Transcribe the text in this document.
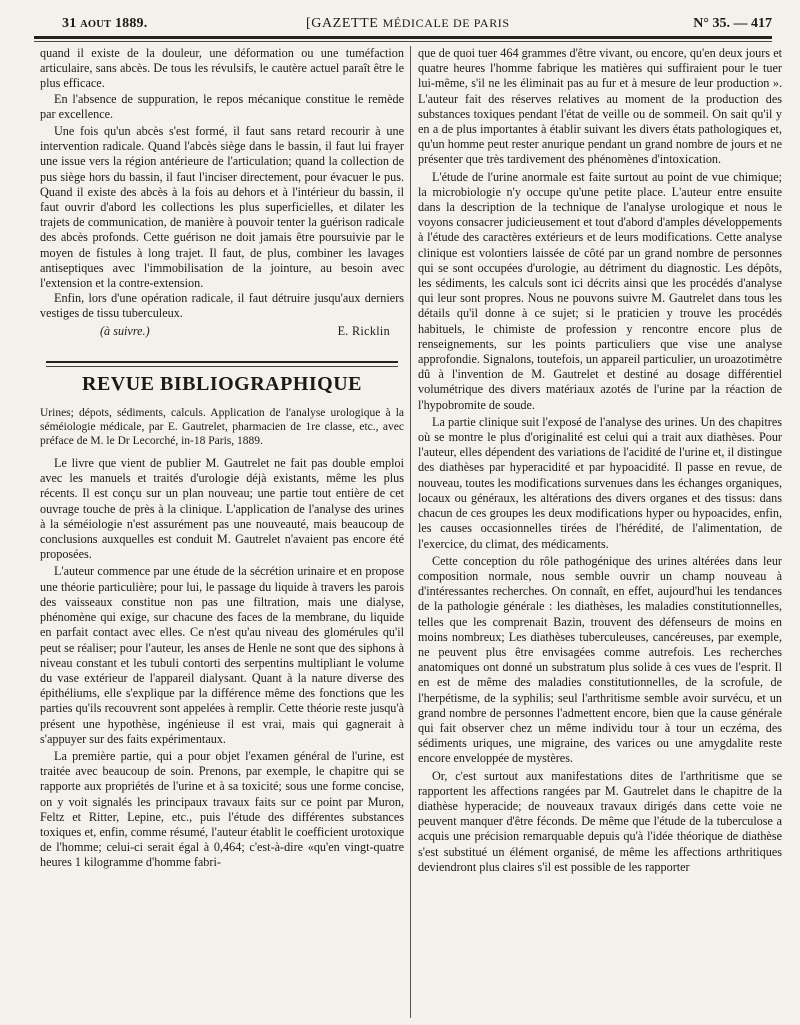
31 AOUT 1889.	[GAZETTE MÉDICALE DE PARIS	N° 35. — 417

quand il existe de la douleur, une déformation ou une tuméfaction articulaire, sans abcès. De tous les révulsifs, le cautère actuel paraît être le plus efficace.

En l'absence de suppuration, le repos mécanique constitue le remède par excellence.

Une fois qu'un abcès s'est formé, il faut sans retard recourir à une intervention radicale. Quand l'abcès siège dans le bassin, il faut lui frayer une issue vers la région antérieure de l'articulation; quand la collection de pus siège hors du bassin, il faut l'inciser directement, pour évacuer le pus. Quand il existe des abcès à la fois au dehors et à l'intérieur du bassin, il faut ouvrir d'abord les collections les plus superficielles, et dilater les trajets de communication, de manière à pouvoir tenter la guérison radicale des abcès profonds. Cette guérison ne doit jamais être poursuivie par le moyen de fistules à long trajet. Il faut, de plus, combiner les lavages antiseptiques avec l'immobilisation de la jointure, au besoin avec l'extension et la contre-extension.

Enfin, lors d'une opération radicale, il faut détruire jusqu'aux derniers vestiges de tissu tuberculeux.

(à suivre.)	E. Ricklin

REVUE BIBLIOGRAPHIQUE

Urines; dépots, sédiments, calculs. Application de l'analyse urologique à la séméiologie médicale, par E. Gautrelet, pharmacien de 1re classe, etc., avec préface de M. le Dr Lecorché, in-18 Paris, 1889.

Le livre que vient de publier M. Gautrelet ne fait pas double emploi avec les manuels et traités d'urologie déjà existants, même les plus récents. Il est conçu sur un plan nouveau; une partie tout entière de cet ouvrage touche de près à la clinique. L'application de l'analyse des urines à la séméiologie n'est assurément pas une nouveauté, mais beaucoup de conclusions auxquelles est conduit M. Gautrelet n'avaient pas encore été proposées.

L'auteur commence par une étude de la sécrétion urinaire et en propose une théorie particulière; pour lui, le passage du liquide à travers les parois des vaisseaux constitue non pas une filtration, mais une dialyse, phénomène qui exige, sur chacune des faces de la membrane, du liquide en parfait contact avec elles. Ce n'est qu'au niveau des glomérules qu'il peut se réaliser; pour l'auteur, les anses de Henle ne sont que des siphons à niveau constant et les tubuli contorti des serpentins multipliant le volume du vase extérieur de l'appareil dialysant. Quant à la nature diverse des épithéliums, elle s'explique par la différence même des fonctions que les parties qu'ils recouvrent sont appelées à remplir. Cette théorie reste jusqu'à présent une hypothèse, ingénieuse il est vrai, mais qui gagnerait à s'appuyer sur des faits expérimentaux.

La première partie, qui a pour objet l'examen général de l'urine, est traitée avec beaucoup de soin. Prenons, par exemple, le chapitre qui se rapporte aux propriétés de l'urine et à sa toxicité; sous une forme concise, on y voit signalés les principaux travaux faits sur ce point par Muron, Feltz et Ritter, Lepine, etc., puis l'étude des différentes substances toxiques et, enfin, comme résumé, l'auteur établit le coefficient urotoxique de l'homme; celui-ci serait égal à 0,464; c'est-à-dire «qu'en vingt-quatre heures 1 kilogramme d'homme fabri-

que de quoi tuer 464 grammes d'être vivant, ou encore, qu'en deux jours et quatre heures l'homme fabrique les matières qui suffiraient pour le tuer lui-même, s'il ne les éliminait pas au fur et à mesure de leur production ». L'auteur fait des réserves relatives au moment de la production des substances toxiques pendant l'état de veille ou de sommeil. On sait qu'il y en a de plus importantes à établir suivant les divers états pathologiques et, qu'un homme peut rester anurique pendant un grand nombre de jours et ne présenter que très tardivement des phénomènes d'intoxication.

L'étude de l'urine anormale est faite surtout au point de vue chimique; la microbiologie n'y occupe qu'une petite place. L'auteur entre ensuite dans la description de la technique de l'analyse urologique et nous le voyons consacrer judicieusement et tout d'abord d'amples développements à l'étude des caractères extérieurs et de leurs modifications. Cette analyse clinique est volontiers laissée de côté par un grand nombre de personnes qui se sont occupées d'urologie, au détriment du diagnostic. Les dépôts, les sédiments, les calculs sont ici décrits ainsi que les procédés d'analyse qui leur sont propres. Nous ne pouvons suivre M. Gautrelet dans tous les détails qu'il donne à ce sujet; si le praticien y trouve les procédés habituels, le chimiste de profession y rencontre encore plus de renseignements, sur les points particuliers que vise une analyse approfondie. Signalons, toutefois, un appareil particulier, un uroazotimètre dû à l'invention de M. Gautrelet et destiné au dosage différentiel volumétrique des divers matériaux azotés de l'urine par la réaction de l'hypobromite de soude.

La partie clinique suit l'exposé de l'analyse des urines. Un des chapitres où se montre le plus d'originalité est celui qui a trait aux diathèses. Pour l'auteur, elles dépendent des variations de l'acidité de l'urine et, il distingue des diathèses par hyperacidité et par hypoacidité. Il passe en revue, de nouveau, toutes les modifications survenues dans les échanges organiques, locaux ou généraux, les altérations des divers organes et des tissus: dans chacun de ces groupes les deux modifications hyper ou hypoacides, enfin, les causes occasionnelles tirées de l'hérédité, de l'alimentation, de l'exercice, du climat, des médicaments.

Cette conception du rôle pathogénique des urines altérées dans leur composition normale, nous semble ouvrir un champ nouveau à d'intéressantes recherches. On connaît, en effet, aujourd'hui les tendances de la pathologie générale : les diathèses, les maladies constitutionnelles, telles que les comprenait Bazin, trouvent des défenseurs de moins en moins nombreux; Les diathèses tuberculeuses, cancéreuses, par exemple, ne peuvent plus être envisagées comme autrefois. Les recherches anatomiques ont donné un substratum plus solide à ces vues de l'esprit. Il en est de même des maladies constitutionnelles, de la scrofule, de l'herpétisme, de la syphilis; seul l'arthritisme semble avoir survécu, et un grand nombre de personnes l'admettent encore, bien que la cause générale qui fait observer chez un même individu tour à tour un eczéma, des sédiments uriques, une migraine, des varices ou une amygdalite reste encore enveloppée de mystères.

Or, c'est surtout aux manifestations dites de l'arthritisme que se rapportent les affections rangées par M. Gautrelet dans le chapitre de la diathèse hyperacide; de nouveaux travaux dirigés dans cette voie ne peuvent manquer d'être féconds. De même que l'étude de la tuberculose a acquis une précision remarquable depuis qu'à l'idée théorique de diathèse s'est substitué un élément organisé, de même les affections arthritiques deviendront plus claires s'il est possible de les rapporter
